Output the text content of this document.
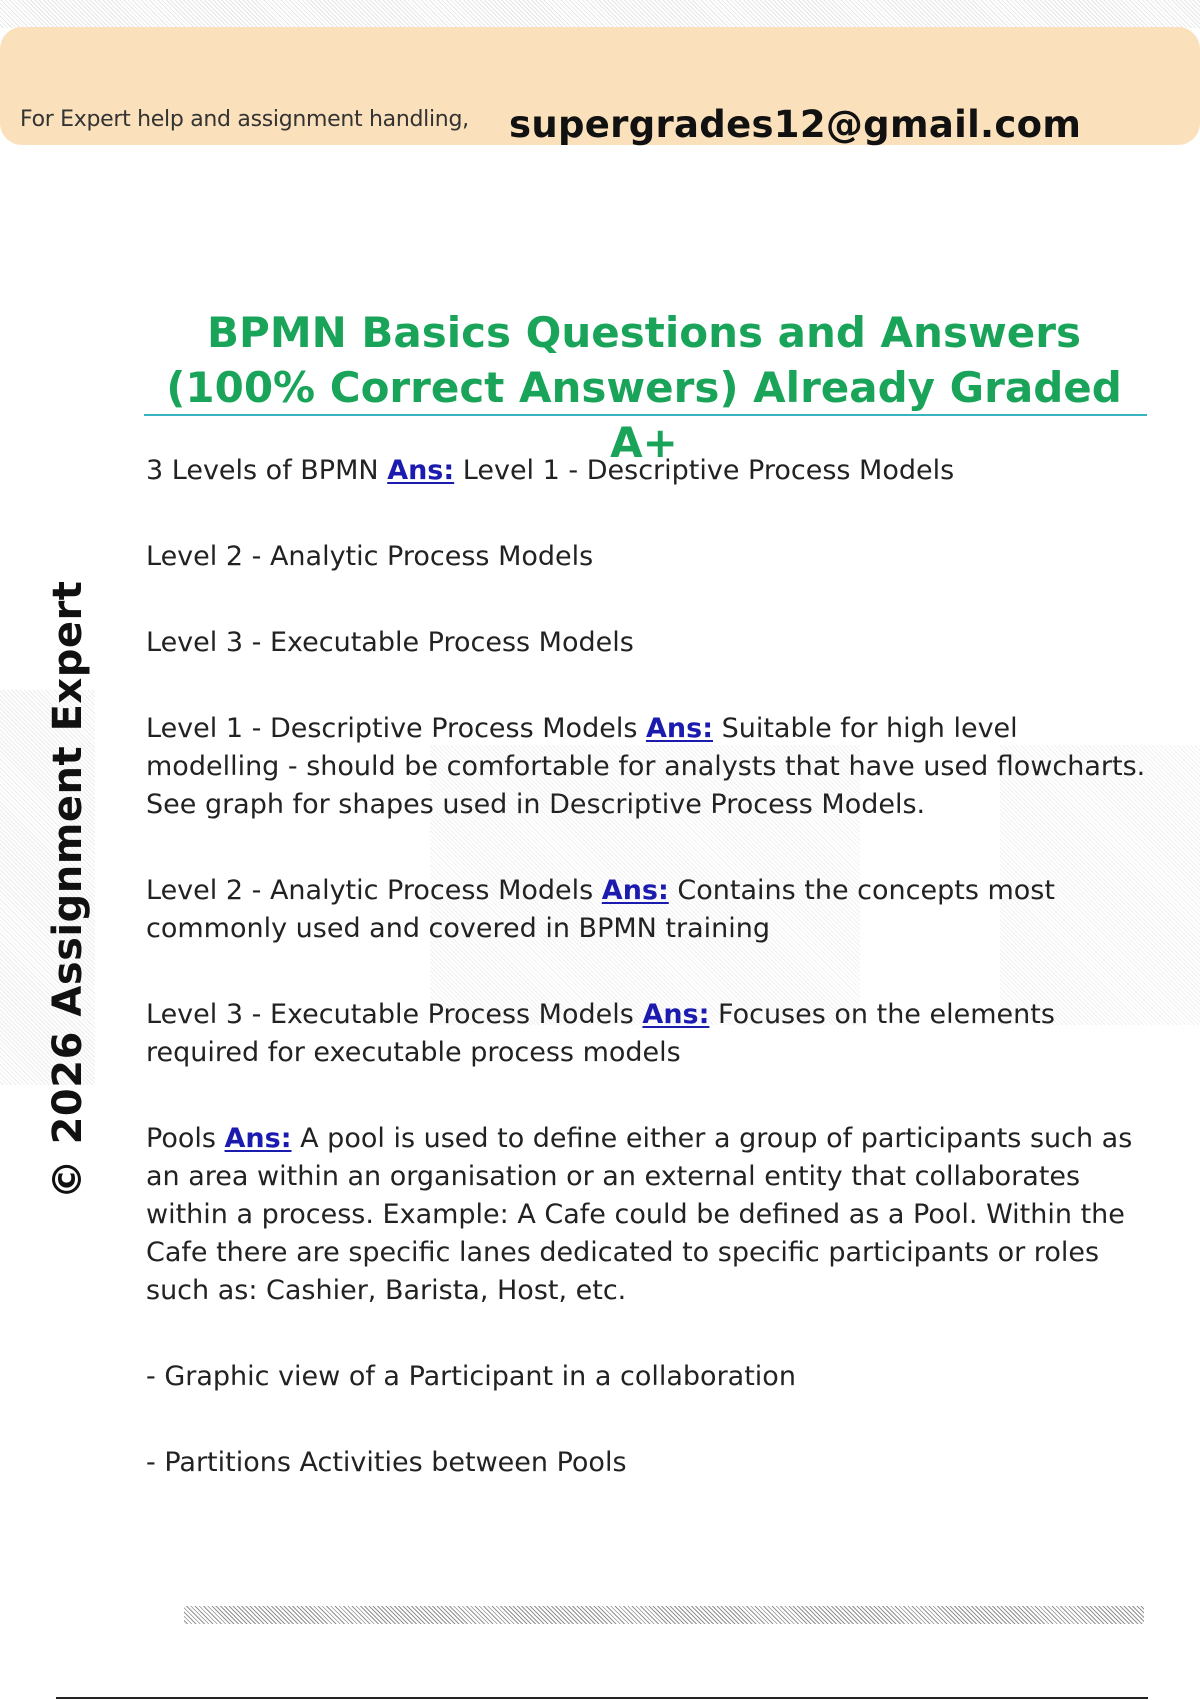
For Expert help and assignment handling, supergrades12@gmail.com
BPMN Basics Questions and Answers (100% Correct Answers) Already Graded A+
© 2026 Assignment Expert

3 Levels of BPMN Ans: Level 1 - Descriptive Process Models

Level 2 - Analytic Process Models

Level 3 - Executable Process Models

Level 1 - Descriptive Process Models Ans: Suitable for high level modelling - should be comfortable for analysts that have used flowcharts. See graph for shapes used in Descriptive Process Models.

Level 2 - Analytic Process Models Ans: Contains the concepts most commonly used and covered in BPMN training

Level 3 - Executable Process Models Ans: Focuses on the elements required for executable process models

Pools Ans: A pool is used to define either a group of participants such as an area within an organisation or an external entity that collaborates within a process. Example: A Cafe could be defined as a Pool. Within the Cafe there are specific lanes dedicated to specific participants or roles such as: Cashier, Barista, Host, etc.

- Graphic view of a Participant in a collaboration

- Partitions Activities between Pools
